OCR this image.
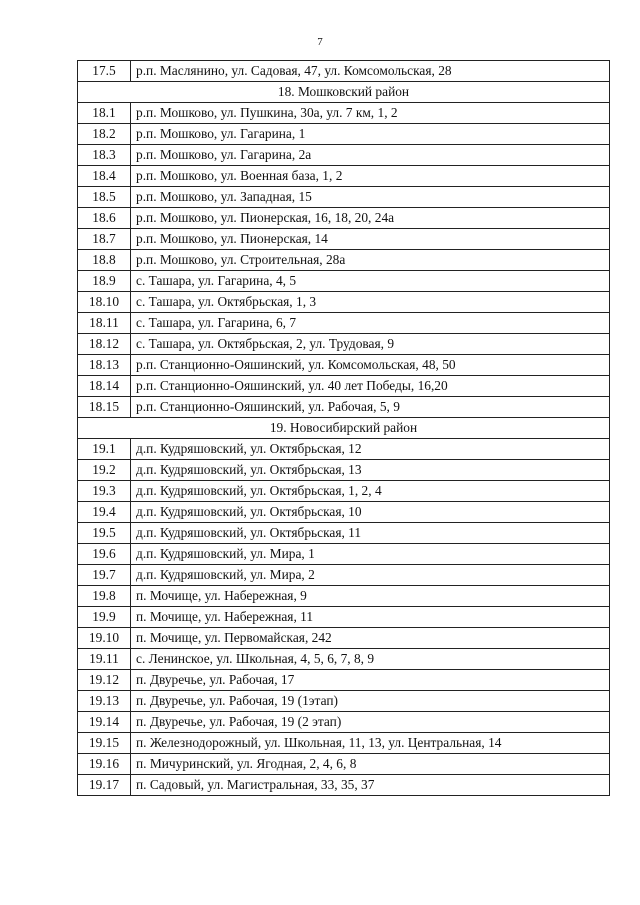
7
17.5	р.п. Маслянино, ул. Садовая, 47, ул. Комсомольская, 28
18. Мошковский район	
18.1	р.п. Мошково, ул. Пушкина, 30а, ул. 7 км, 1, 2
18.2	р.п. Мошково, ул. Гагарина, 1
18.3	р.п. Мошково, ул. Гагарина, 2а
18.4	р.п. Мошково, ул. Военная база, 1, 2
18.5	р.п. Мошково, ул. Западная, 15
18.6	р.п. Мошково, ул. Пионерская, 16, 18, 20, 24а
18.7	р.п. Мошково, ул. Пионерская, 14
18.8	р.п. Мошково, ул. Строительная, 28а
18.9	с. Ташара, ул. Гагарина, 4, 5
18.10	с. Ташара, ул. Октябрьская, 1, 3
18.11	с. Ташара, ул. Гагарина, 6, 7
18.12	с. Ташара, ул. Октябрьская, 2, ул. Трудовая, 9
18.13	р.п. Станционно-Ояшинский, ул. Комсомольская, 48, 50
18.14	р.п. Станционно-Ояшинский, ул. 40 лет Победы, 16,20
18.15	р.п. Станционно-Ояшинский, ул. Рабочая, 5, 9
19. Новосибирский район	
19.1	д.п. Кудряшовский, ул. Октябрьская, 12
19.2	д.п. Кудряшовский, ул. Октябрьская, 13
19.3	д.п. Кудряшовский, ул. Октябрьская, 1, 2, 4
19.4	д.п. Кудряшовский, ул. Октябрьская, 10
19.5	д.п. Кудряшовский, ул. Октябрьская, 11
19.6	д.п. Кудряшовский, ул. Мира, 1
19.7	д.п. Кудряшовский, ул. Мира, 2
19.8	п. Мочище, ул. Набережная, 9
19.9	п. Мочище, ул. Набережная, 11
19.10	п. Мочище, ул. Первомайская, 242
19.11	с. Ленинское, ул. Школьная, 4, 5, 6, 7, 8, 9
19.12	п. Двуречье, ул. Рабочая, 17
19.13	п. Двуречье, ул. Рабочая, 19 (1этап)
19.14	п. Двуречье, ул. Рабочая, 19 (2 этап)
19.15	п. Железнодорожный, ул. Школьная, 11, 13, ул. Центральная, 14
19.16	п. Мичуринский, ул. Ягодная, 2, 4, 6, 8
19.17	п. Садовый, ул. Магистральная, 33, 35, 37
